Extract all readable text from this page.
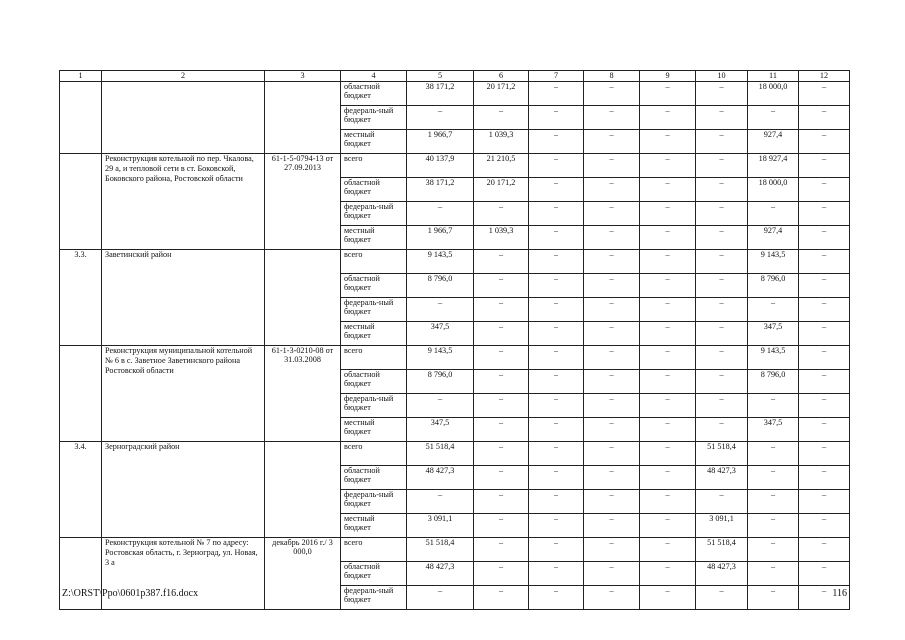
1	2	3	4	5	6	7	8	9	10	11	12
			областной бюджет	38 171,2	20 171,2	–	–	–	–	18 000,0	–
			федераль-ный бюджет	–	–	–	–	–	–	–	–
			местный бюджет	1 966,7	1 039,3	–	–	–	–	927,4	–
	Реконструкция котельной по пер. Чкалова, 29 а, и тепловой сети в ст. Боковской, Боковского района, Ростовской области	61-1-5-0794-13 от 27.09.2013	всего	40 137,9	21 210,5	–	–	–	–	18 927,4	–
			областной бюджет	38 171,2	20 171,2	–	–	–	–	18 000,0	–
			федераль-ный бюджет	–	–	–	–	–	–	–	–
			местный бюджет	1 966,7	1 039,3	–	–	–	–	927,4	–
3.3.	Заветинский район		всего	9 143,5	–	–	–	–	–	9 143,5	–
			областной бюджет	8 796,0	–	–	–	–	–	8 796,0	–
			федераль-ный бюджет	–	–	–	–	–	–	–	–
			местный бюджет	347,5	–	–	–	–	–	347,5	–
	Реконструкция муниципальной котельной № 6 в с. Заветное Заветинского района Ростовской области	61-1-3-0210-08 от 31.03.2008	всего	9 143,5	–	–	–	–	–	9 143,5	–
			областной бюджет	8 796,0	–	–	–	–	–	8 796,0	–
			федераль-ный бюджет	–	–	–	–	–	–	–	–
			местный бюджет	347,5	–	–	–	–	–	347,5	–
3.4.	Зерноградский район		всего	51 518,4	–	–	–	–	51 518,4	–	–
			областной бюджет	48 427,3	–	–	–	–	48 427,3	–	–
			федераль-ный бюджет	–	–	–	–	–	–	–	–
			местный бюджет	3 091,1	–	–	–	–	3 091,1	–	–
	Реконструкция котельной № 7 по адресу: Ростовская область, г. Зерноград, ул. Новая, 3 а	декабрь 2016 г./ 3 000,0	всего	51 518,4	–	–	–	–	51 518,4	–	–
			областной бюджет	48 427,3	–	–	–	–	48 427,3	–	–
			федераль-ный бюджет	–	–	–	–	–	–	–	–
Z:\ORST\Ppo\0601p387.f16.docx	116
